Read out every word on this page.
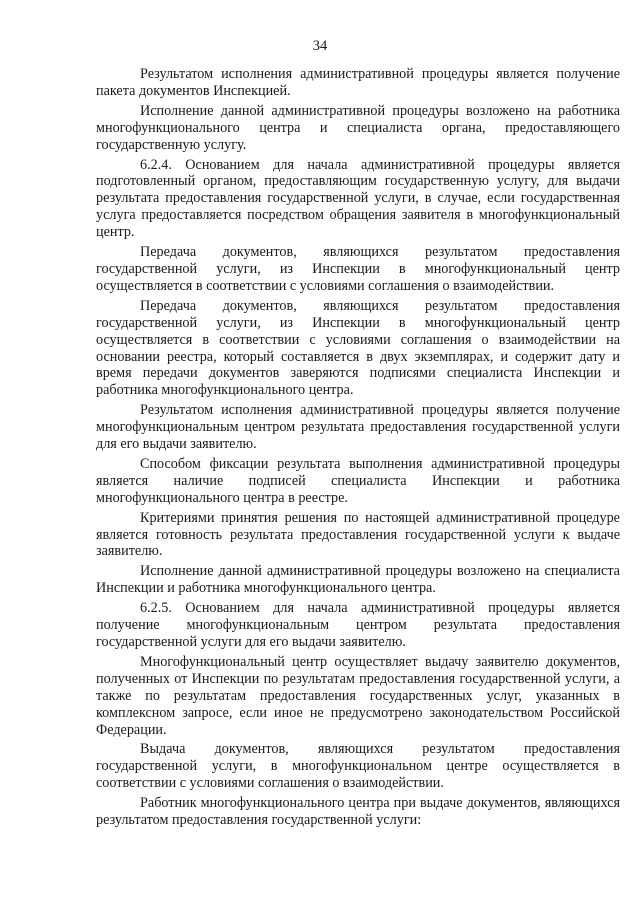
34

Результатом исполнения административной процедуры является получение пакета документов Инспекцией.

Исполнение данной административной процедуры возложено на работника многофункционального центра и специалиста органа, предоставляющего государственную услугу.

6.2.4. Основанием для начала административной процедуры является подготовленный органом, предоставляющим государственную услугу, для выдачи результата предоставления государственной услуги, в случае, если государственная услуга предоставляется посредством обращения заявителя в многофункциональный центр.

Передача документов, являющихся результатом предоставления государственной услуги, из Инспекции в многофункциональный центр осуществляется в соответствии с условиями соглашения о взаимодействии.

Передача документов, являющихся результатом предоставления государственной услуги, из Инспекции в многофункциональный центр осуществляется в соответствии с условиями соглашения о взаимодействии на основании реестра, который составляется в двух экземплярах, и содержит дату и время передачи документов заверяются подписями специалиста Инспекции и работника многофункционального центра.

Результатом исполнения административной процедуры является получение многофункциональным центром результата предоставления государственной услуги для его выдачи заявителю.

Способом фиксации результата выполнения административной процедуры является наличие подписей специалиста Инспекции и работника многофункционального центра в реестре.

Критериями принятия решения по настоящей административной процедуре является готовность результата предоставления государственной услуги к выдаче заявителю.

Исполнение данной административной процедуры возложено на специалиста Инспекции и работника многофункционального центра.

6.2.5. Основанием для начала административной процедуры является получение многофункциональным центром результата предоставления государственной услуги для его выдачи заявителю.

Многофункциональный центр осуществляет выдачу заявителю документов, полученных от Инспекции по результатам предоставления государственной услуги, а также по результатам предоставления государственных услуг, указанных в комплексном запросе, если иное не предусмотрено законодательством Российской Федерации.

Выдача документов, являющихся результатом предоставления государственной услуги, в многофункциональном центре осуществляется в соответствии с условиями соглашения о взаимодействии.

Работник многофункционального центра при выдаче документов, являющихся результатом предоставления государственной услуги:
